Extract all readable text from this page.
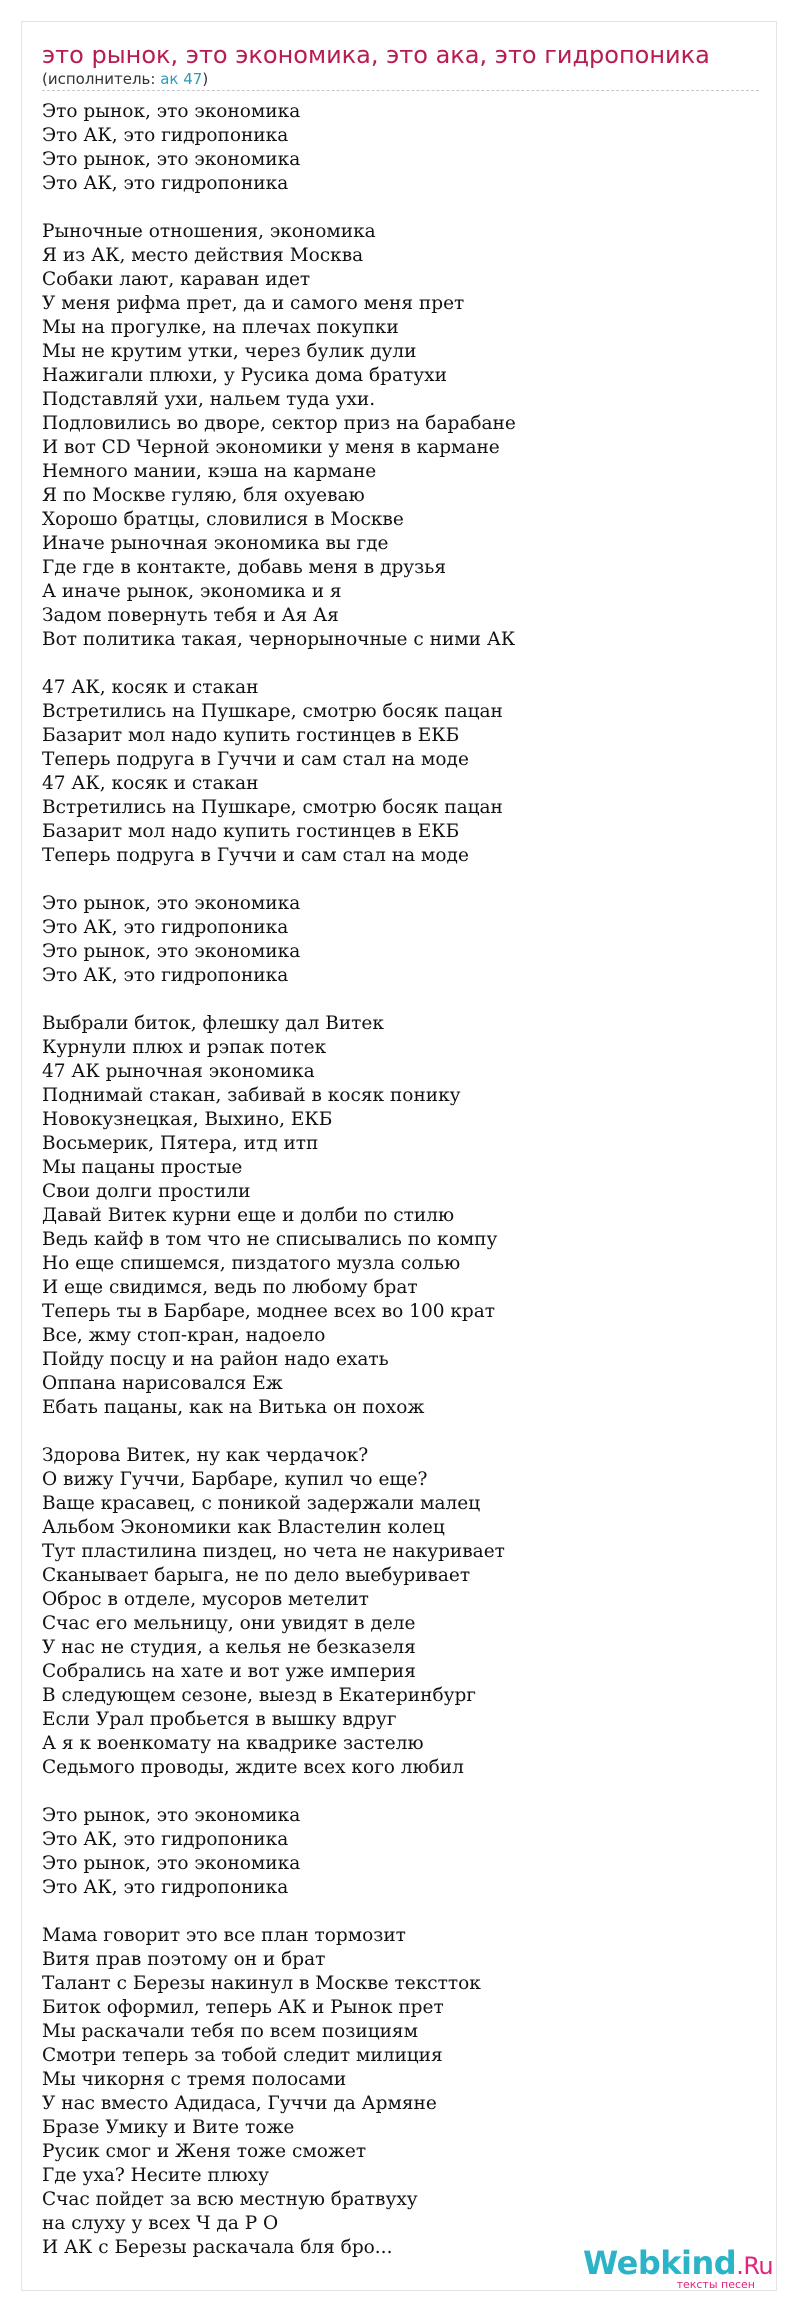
это рынок, это экономика, это ака, это гидропоника
(исполнитель: ак 47)
Это рынок, это экономика
Это АК, это гидропоника
Это рынок, это экономика
Это АК, это гидропоника
Рыночные отношения, экономика
Я из АК, место действия Москва
Собаки лают, караван идет
У меня рифма прет, да и самого меня прет
Мы на прогулке, на плечах покупки
Мы не крутим утки, через булик дули
Нажигали плюхи, у Русика дома братухи
Подставляй ухи, нальем туда ухи.
Подловились во дворе, сектор приз на барабане
И вот CD Черной экономики у меня в кармане
Немного мании, кэша на кармане
Я по Москве гуляю, бля охуеваю
Хорошо братцы, словилися в Москве
Иначе рыночная экономика вы где
Где где в контакте, добавь меня в друзья
А иначе рынок, экономика и я
Задом повернуть тебя и Ая Ая
Вот политика такая, чернорыночные с ними АК
47 АК, косяк и стакан
Встретились на Пушкаре, смотрю босяк пацан
Базарит мол надо купить гостинцев в ЕКБ
Теперь подруга в Гуччи и сам стал на моде
47 АК, косяк и стакан
Встретились на Пушкаре, смотрю босяк пацан
Базарит мол надо купить гостинцев в ЕКБ
Теперь подруга в Гуччи и сам стал на моде
Это рынок, это экономика
Это АК, это гидропоника
Это рынок, это экономика
Это АК, это гидропоника
Выбрали биток, флешку дал Витек
Курнули плюх и рэпак потек
47 АК рыночная экономика
Поднимай стакан, забивай в косяк понику
Новокузнецкая, Выхино, ЕКБ
Восьмерик, Пятера, итд итп
Мы пацаны простые
Свои долги простили
Давай Витек курни еще и долби по стилю
Ведь кайф в том что не списывались по компу
Но еще спишемся, пиздатого музла солью
И еще свидимся, ведь по любому брат
Теперь ты в Барбаре, моднее всех во 100 крат
Все, жму стоп-кран, надоело
Пойду посцу и на район надо ехать
Оппана нарисовался Еж
Ебать пацаны, как на Витька он похож
Здорова Витек, ну как чердачок?
О вижу Гуччи, Барбаре, купил чо еще?
Ваще красавец, с поникой задержали малец
Альбом Экономики как Властелин колец
Тут пластилина пиздец, но чета не накуривает
Сканывает барыга, не по дело выебуривает
Оброс в отделе, мусоров метелит
Счас его мельницу, они увидят в деле
У нас не студия, а келья не безказеля
Собрались на хате и вот уже империя
В следующем сезоне, выезд в Екатеринбург
Если Урал пробьется в вышку вдруг
А я к военкомату на квадрике застелю
Седьмого проводы, ждите всех кого любил
Это рынок, это экономика
Это АК, это гидропоника
Это рынок, это экономика
Это АК, это гидропоника
Мама говорит это все план тормозит
Витя прав поэтому он и брат
Талант с Березы накинул в Москве текстток
Биток оформил, теперь АК и Рынок прет
Мы раскачали тебя по всем позициям
Смотри теперь за тобой следит милиция
Мы чикорня с тремя полосами
У нас вместо Адидаса, Гуччи да Армяне
Бразе Умику и Вите тоже
Русик смог и Женя тоже сможет
Где уха? Несите плюху
Счас пойдет за всю местную братвуху
на слуху у всех Ч да Р О
И АК с Березы раскачала бля бро...	Webkind.Ru
тексты песен
